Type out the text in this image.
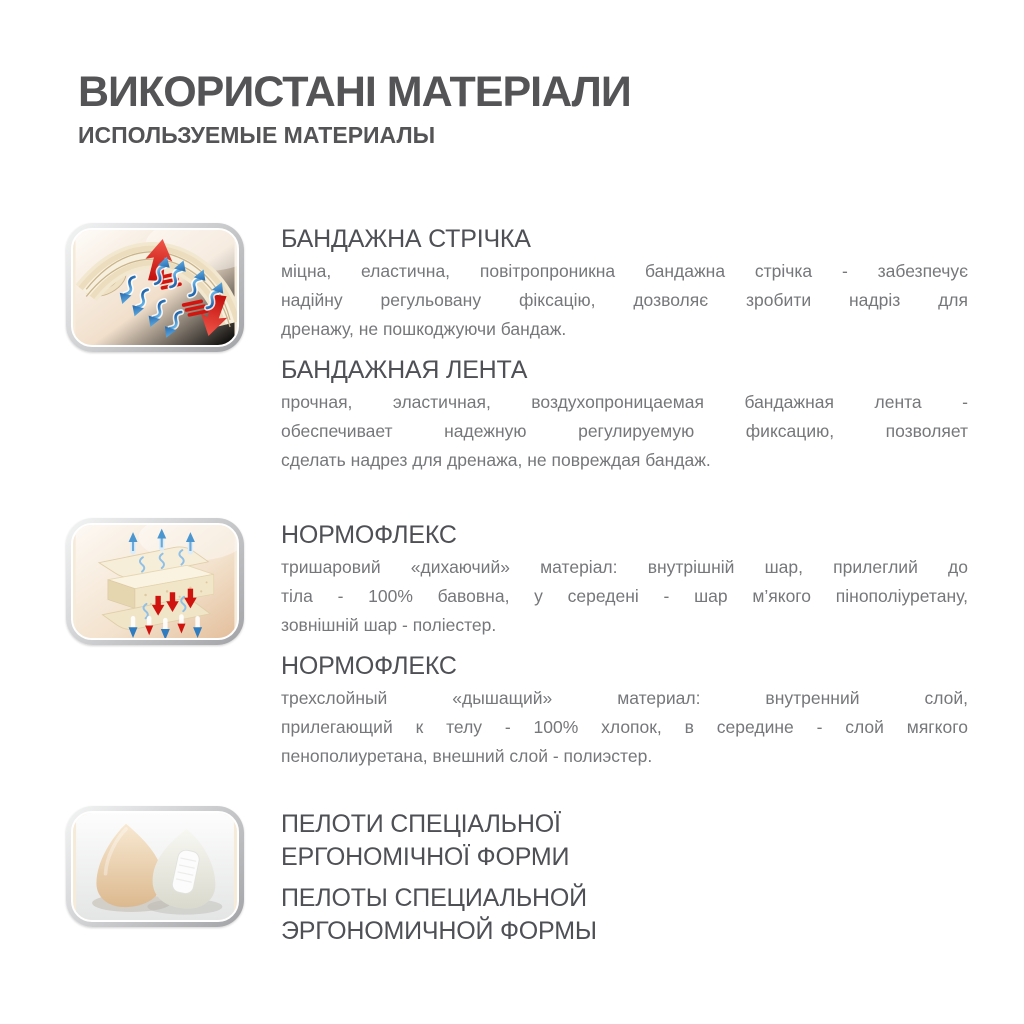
ВИКОРИСТАНІ МАТЕРІАЛИ
ИСПОЛЬЗУЕМЫЕ МАТЕРИАЛЫ
БАНДАЖНА СТРІЧКА
міцна, еластична, повітропроникна бандажна стрічка - забезпечує
надійну регульовану фіксацію, дозволяє зробити надріз для
дренажу, не пошкоджуючи бандаж.
БАНДАЖНАЯ ЛЕНТА
прочная, эластичная, воздухопроницаемая бандажная лента -
обеспечивает надежную регулируемую фиксацию, позволяет
сделать надрез для дренажа, не повреждая бандаж.
НОРМОФЛЕКС
тришаровий «дихаючий» матеріал: внутрішній шар, прилеглий до
тіла - 100% бавовна, у середені - шар м’якого пінополіуретану,
зовнішній шар - поліестер.
НОРМОФЛЕКС
трехслойный «дышащий» материал: внутренний слой,
прилегающий к телу - 100% хлопок, в середине - слой мягкого
пенополиуретана, внешний слой - полиэстер.
ПЕЛОТИ СПЕЦІАЛЬНОЇ
ЕРГОНОМІЧНОЇ ФОРМИ
ПЕЛОТЫ СПЕЦИАЛЬНОЙ
ЭРГОНОМИЧНОЙ ФОРМЫ
